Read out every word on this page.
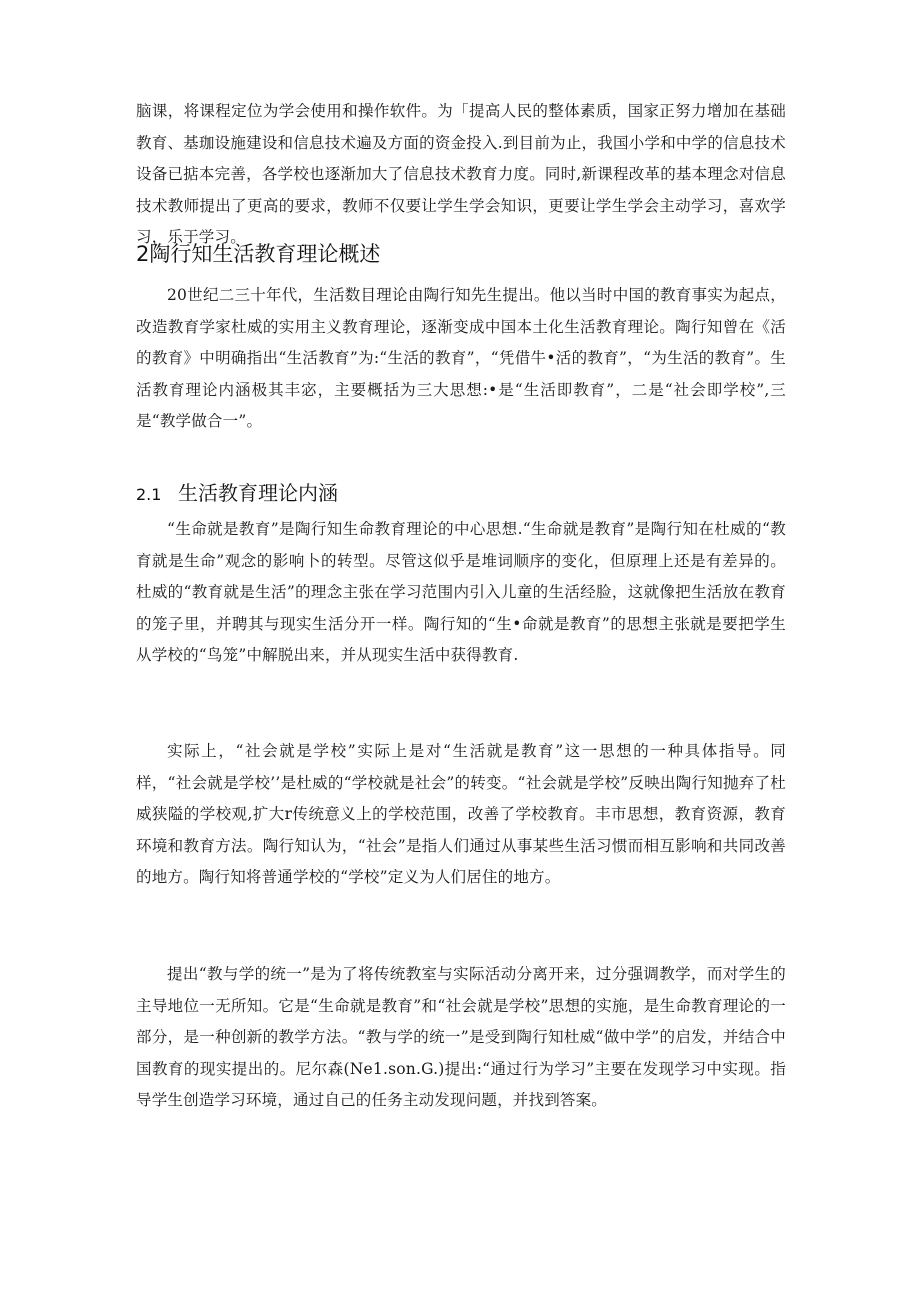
脑课，将课程定位为学会使用和操作软件。为「提高人民的整体素质，国家正努力增加在基础教育、基珈设施建设和信息技术遍及方面的资金投入.到目前为止，我国小学和中学的信息技术设备已掂本完善，各学校也逐渐加大了信息技术教育力度。同时,新课程改革的基本理念对信息技术教师提出了更高的要求，教师不仅要让学生学会知识，更要让学生学会主动学习，喜欢学习，乐于学习。

2陶行知生活教育理论概述

20世纪二三十年代，生活数目理论由陶行知先生提出。他以当时中国的教育事实为起点，改造教育学家杜威的实用主义教育理论，逐渐变成中国本土化生活教育理论。陶行知曾在《活的教育》中明确指出“生活教育”为:“生活的教育”，“凭借牛•活的教育”，“为生活的教育”。生活教育理论内涵极其丰宓，主要概括为三大思想:•是“生活即教育”，二是“社会即学校”,三是“教学做合一”。

2.1 生活教育理论内涵

“生命就是教育”是陶行知生命教育理论的中心思想.“生命就是教育”是陶行知在杜威的“教育就是生命”观念的影响卜的转型。尽管这似乎是堆词顺序的变化，但原理上还是有差异的。杜威的“教育就是生活”的理念主张在学习范围内引入儿童的生活经脸，这就像把生活放在教育的笼子里，并聘其与现实生活分开一样。陶行知的“生•命就是教育”的思想主张就是要把学生从学校的“鸟笼”中解脱出来，并从现实生活中获得教育.

实际上，“社会就是学校”实际上是对“生活就是教育”这一思想的一种具体指导。同样，“社会就是学校’’是杜威的“学校就是社会”的转变。“社会就是学校”反映出陶行知抛弃了杜威狭隘的学校观,扩大r传统意义上的学校范围，改善了学校教育。丰市思想，教育资源，教育环境和教育方法。陶行知认为，“社会”是指人们通过从事某些生活习惯而相互影响和共同改善的地方。陶行知将普通学校的“学校”定义为人们居住的地方。

提出“教与学的统一”是为了将传统教室与实际活动分离开来，过分强调教学，而对学生的主导地位一无所知。它是“生命就是教育”和“社会就是学校”思想的实施，是生命教育理论的一部分，是一种创新的教学方法。“教与学的统一”是受到陶行知杜威“做中学”的启发，并结合中国教育的现实提出的。尼尔森(Ne1.son.G.)提出:“通过行为学习”主要在发现学习中实现。指导学生创造学习环境，通过自己的任务主动发现问题，并找到答案。
